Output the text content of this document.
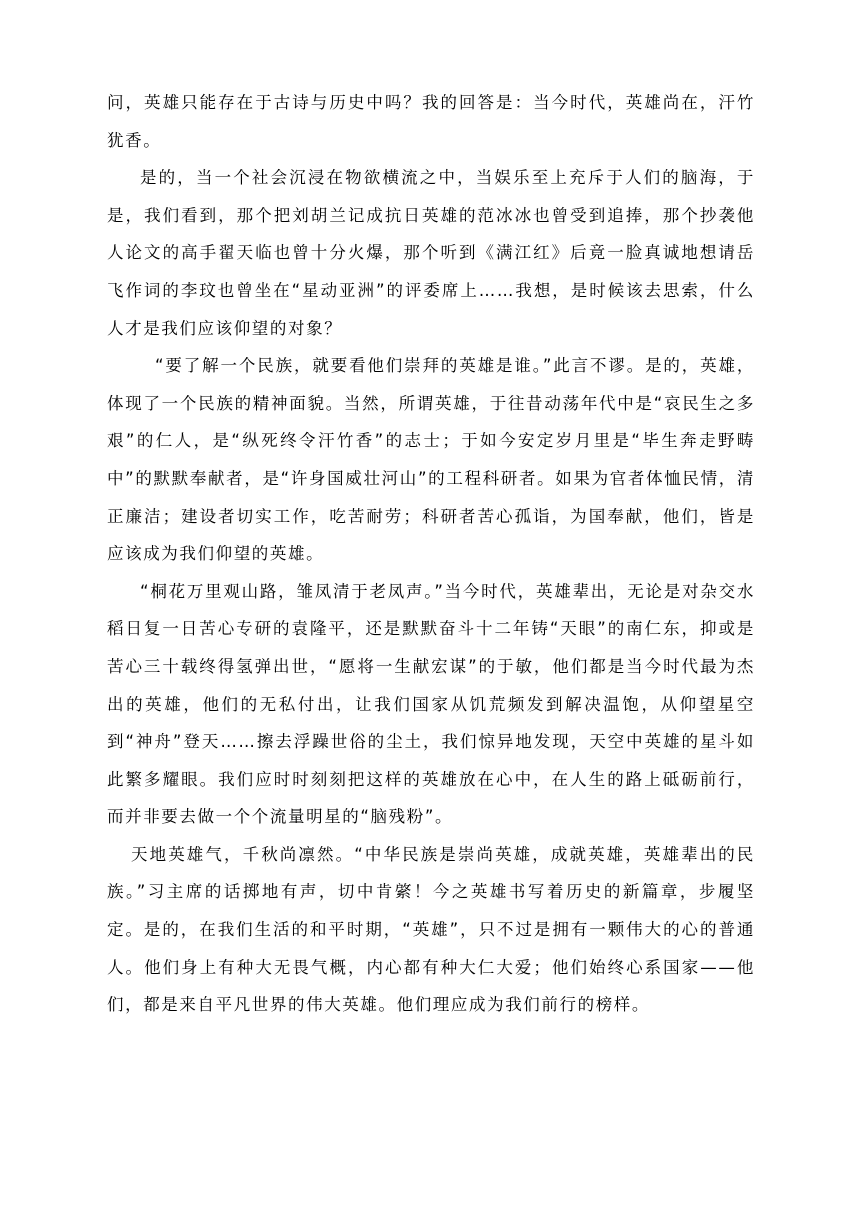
问，英雄只能存在于古诗与历史中吗？我的回答是：当今时代，英雄尚在，汗竹犹香。

是的，当一个社会沉浸在物欲横流之中，当娱乐至上充斥于人们的脑海，于是，我们看到，那个把刘胡兰记成抗日英雄的范冰冰也曾受到追捧，那个抄袭他人论文的高手翟天临也曾十分火爆，那个听到《满江红》后竟一脸真诚地想请岳飞作词的李玟也曾坐在“星动亚洲”的评委席上……我想，是时候该去思索，什么人才是我们应该仰望的对象？

“要了解一个民族，就要看他们崇拜的英雄是谁。”此言不谬。是的，英雄，体现了一个民族的精神面貌。当然，所谓英雄，于往昔动荡年代中是“哀民生之多艰”的仁人，是“纵死终令汗竹香”的志士；于如今安定岁月里是“毕生奔走野畴中”的默默奉献者，是“许身国威壮河山”的工程科研者。如果为官者体恤民情，清正廉洁；建设者切实工作，吃苦耐劳；科研者苦心孤诣，为国奉献，他们，皆是应该成为我们仰望的英雄。

“桐花万里观山路，雏凤清于老凤声。”当今时代，英雄辈出，无论是对杂交水稻日复一日苦心专研的袁隆平，还是默默奋斗十二年铸“天眼”的南仁东，抑或是苦心三十载终得氢弹出世，“愿将一生献宏谋”的于敏，他们都是当今时代最为杰出的英雄，他们的无私付出，让我们国家从饥荒频发到解决温饱，从仰望星空到“神舟”登天……擦去浮躁世俗的尘土，我们惊异地发现，天空中英雄的星斗如此繁多耀眼。我们应时时刻刻把这样的英雄放在心中，在人生的路上砥砺前行，而并非要去做一个个流量明星的“脑残粉”。

天地英雄气，千秋尚凛然。“中华民族是崇尚英雄，成就英雄，英雄辈出的民族。”习主席的话掷地有声，切中肯綮！今之英雄书写着历史的新篇章，步履坚定。是的，在我们生活的和平时期，“英雄”，只不过是拥有一颗伟大的心的普通人。他们身上有种大无畏气概，内心都有种大仁大爱；他们始终心系国家——他们，都是来自平凡世界的伟大英雄。他们理应成为我们前行的榜样。
